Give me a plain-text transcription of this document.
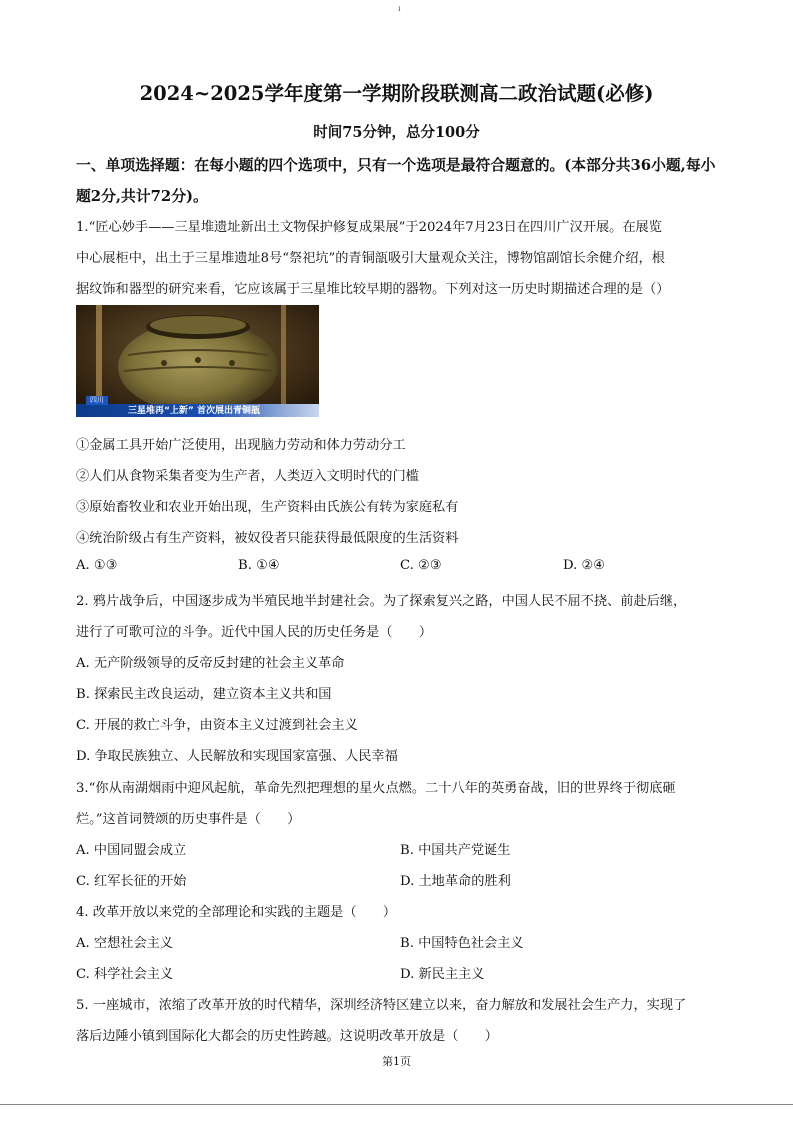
ı
2024~2025学年度第一学期阶段联测高二政治试题(必修)
时间75分钟，总分100分
一、单项选择题：在每小题的四个选项中，只有一个选项是最符合题意的。(本部分共36小题,每小题2分,共计72分)。
1.“匠心妙手——三星堆遗址新出土文物保护修复成果展”于2024年7月23日在四川广汉开展。在展览
中心展柜中，出土于三星堆遗址8号“祭祀坑”的青铜瓿吸引大量观众关注，博物馆副馆长余健介绍，根
据纹饰和器型的研究来看，它应该属于三星堆比较早期的器物。下列对这一历史时期描述合理的是（）
四川
三星堆再“上新” 首次展出青铜瓿
①金属工具开始广泛使用，出现脑力劳动和体力劳动分工
②人们从食物采集者变为生产者，人类迈入文明时代的门槛
③原始畜牧业和农业开始出现，生产资料由氏族公有转为家庭私有
④统治阶级占有生产资料，被奴役者只能获得最低限度的生活资料
A. ①③	B. ①④	C. ②③	D. ②④
2. 鸦片战争后，中国逐步成为半殖民地半封建社会。为了探索复兴之路，中国人民不屈不挠、前赴后继，
进行了可歌可泣的斗争。近代中国人民的历史任务是（　　）
A. 无产阶级领导的反帝反封建的社会主义革命
B. 探索民主改良运动，建立资本主义共和国
C. 开展的救亡斗争，由资本主义过渡到社会主义
D. 争取民族独立、人民解放和实现国家富强、人民幸福
3.“你从南湖烟雨中迎风起航，革命先烈把理想的星火点燃。二十八年的英勇奋战，旧的世界终于彻底砸
烂。”这首词赞颂的历史事件是（　　）
A. 中国同盟会成立	B. 中国共产党诞生
C. 红军长征的开始	D. 土地革命的胜利
4. 改革开放以来党的全部理论和实践的主题是（　　）
A. 空想社会主义	B. 中国特色社会主义
C. 科学社会主义	D. 新民主主义
5. 一座城市，浓缩了改革开放的时代精华，深圳经济特区建立以来，奋力解放和发展社会生产力，实现了
落后边陲小镇到国际化大都会的历史性跨越。这说明改革开放是（　　）
第1页
